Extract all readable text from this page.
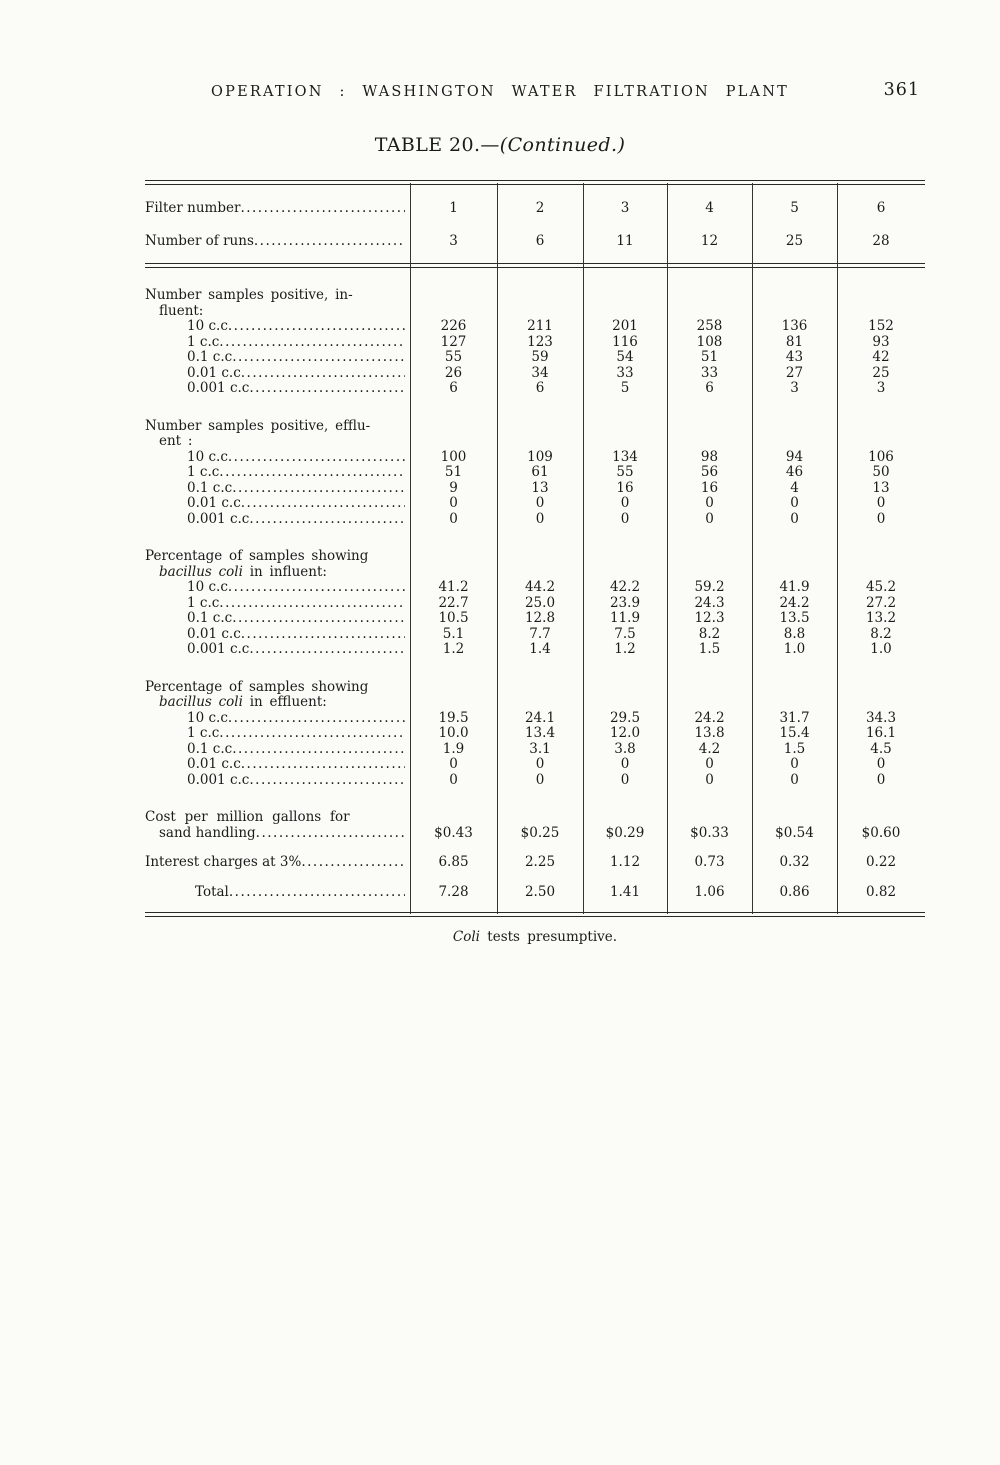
OPERATION : WASHINGTON WATER FILTRATION PLANT	361
TABLE 20.—(Continued.)
Filter number .....	1	2	3	4	5	6
Number of runs .....	3	6	11	12	25	28
Number samples positive, in-
fluent:
10 c.c .....	226	211	201	258	136	152
1 c.c .....	127	123	116	108	81	93
0.1 c.c .....	55	59	54	51	43	42
0.01 c.c .....	26	34	33	33	27	25
0.001 c.c .....	6	6	5	6	3	3
Number samples positive, efflu-
ent :
10 c.c .....	100	109	134	98	94	106
1 c.c .....	51	61	55	56	46	50
0.1 c.c .....	9	13	16	16	4	13
0.01 c.c .....	0	0	0	0	0	0
0.001 c.c .....	0	0	0	0	0	0
Percentage of samples showing
bacillus coli in influent:
10 c.c .....	41.2	44.2	42.2	59.2	41.9	45.2
1 c.c .....	22.7	25.0	23.9	24.3	24.2	27.2
0.1 c.c .....	10.5	12.8	11.9	12.3	13.5	13.2
0.01 c.c .....	5.1	7.7	7.5	8.2	8.8	8.2
0.001 c.c .....	1.2	1.4	1.2	1.5	1.0	1.0
Percentage of samples showing
bacillus coli in effluent:
10 c.c .....	19.5	24.1	29.5	24.2	31.7	34.3
1 c.c .....	10.0	13.4	12.0	13.8	15.4	16.1
0.1 c.c .....	1.9	3.1	3.8	4.2	1.5	4.5
0.01 c.c .....	0	0	0	0	0	0
0.001 c.c .....	0	0	0	0	0	0
Cost per million gallons for
sand handling .....	$0.43	$0.25	$0.29	$0.33	$0.54	$0.60
Interest charges at 3% .....	6.85	2.25	1.12	0.73	0.32	0.22
Total .....	7.28	2.50	1.41	1.06	0.86	0.82
Coli tests presumptive.
